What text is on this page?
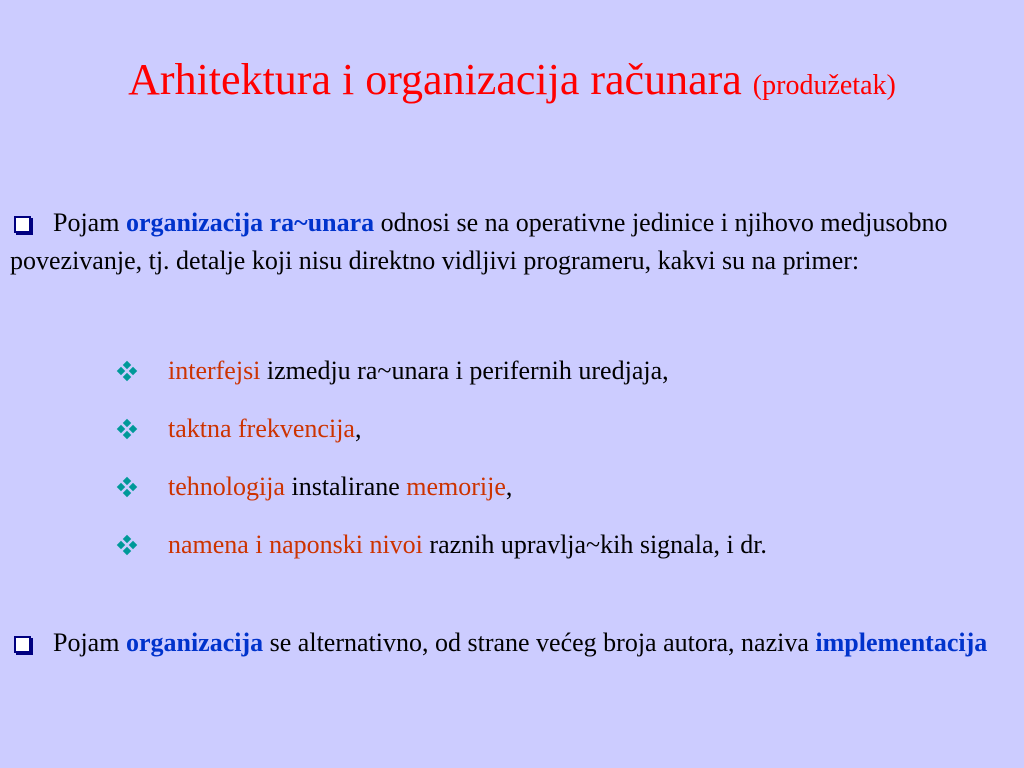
Arhitektura i organizacija računara (produžetak)
Pojam organizacija ra~unara odnosi se na operativne jedinice i njihovo medjusobno povezivanje, tj. detalje koji nisu direktno vidljivi programeru, kakvi su na primer:
interfejsi izmedju ra~unara i perifernih uredjaja,
taktna frekvencija,
tehnologija instalirane memorije,
namena i naponski nivoi raznih upravlja~kih signala, i dr.
Pojam organizacija se alternativno, od strane većeg broja autora, naziva implementacija
